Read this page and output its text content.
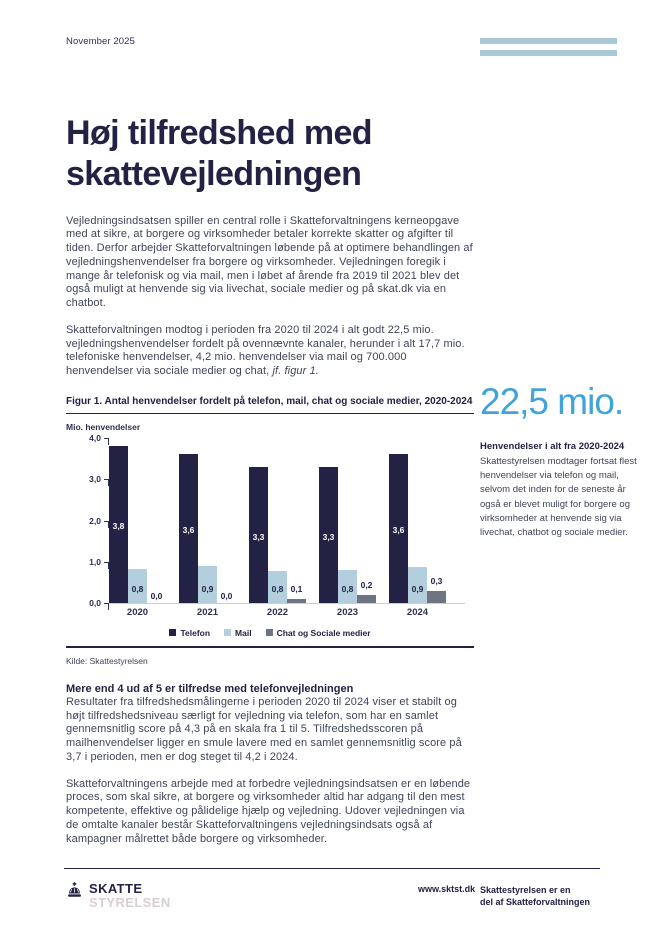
November 2025
Høj tilfredshed med skattevejledningen

Vejledningsindsatsen spiller en central rolle i Skatteforvaltningens kerneopgave med at sikre, at borgere og virksomheder betaler korrekte skatter og afgifter til tiden. Derfor arbejder Skatteforvaltningen løbende på at optimere behandlingen af vejledningshenvendelser fra borgere og virksomheder. Vejledningen foregik i mange år telefonisk og via mail, men i løbet af årende fra 2019 til 2021 blev det også muligt at henvende sig via livechat, sociale medier og på skat.dk via en chatbot.

Skatteforvaltningen modtog i perioden fra 2020 til 2024 i alt godt 22,5 mio. vejledningshenvendelser fordelt på ovennævnte kanaler, herunder i alt 17,7 mio. telefoniske henvendelser, 4,2 mio. henvendelser via mail og 700.000 henvendelser via sociale medier og chat, jf. figur 1.

Figur 1. Antal henvendelser fordelt på telefon, mail, chat og sociale medier, 2020-2024
Mio. henvendelser
4,0
3,0
2,0
1,0
0,0
3,8
0,8
0,0
2020
3,6
0,9
0,0
2021
3,3
0,8 0,1
2022
3,3
0,8 0,2
2023
3,6
0,9
0,3
2024
Telefon	Mail	Chat og Sociale medier

Kilde: Skattestyrelsen

Mere end 4 ud af 5 er tilfredse med telefonvejledningen

Resultater fra tilfredshedsmålingerne i perioden 2020 til 2024 viser et stabilt og højt tilfredshedsniveau særligt for vejledning via telefon, som har en samlet gennemsnitlig score på 4,3 på en skala fra 1 til 5. Tilfredshedsscoren på mailhenvendelser ligger en smule lavere med en samlet gennemsnitlig score på 3,7 i perioden, men er dog steget til 4,2 i 2024.

Skatteforvaltningens arbejde med at forbedre vejledningsindsatsen er en løbende proces, som skal sikre, at borgere og virksomheder altid har adgang til den mest kompetente, effektive og pålidelige hjælp og vejledning. Udover vejledningen via de omtalte kanaler består Skatteforvaltningens vejledningsindsats også af kampagner målrettet både borgere og virksomheder.

22,5 mio.
Henvendelser i alt fra 2020-2024
Skattestyrelsen modtager fortsat flest henvendelser via telefon og mail, selvom det inden for de seneste år også er blevet muligt for borgere og virksomheder at henvende sig via livechat, chatbot og sociale medier.
SKATTE
STYRELSEN
www.sktst.dk Skattestyrelsen er en
del af Skatteforvaltningen
